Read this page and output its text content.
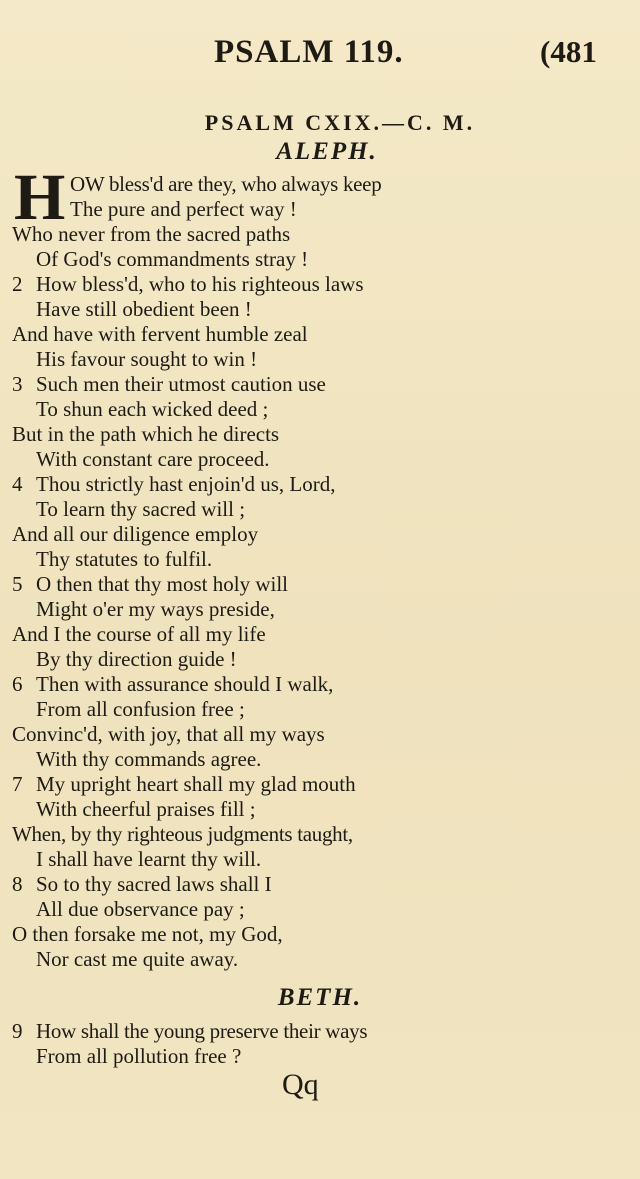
PSALM 119.	(481
PSALM CXIX.—C. M.
ALEPH.
H OW bless'd are they, who always keep
The pure and perfect way !
Who never from the sacred paths
Of God's commandments stray !
2 How bless'd, who to his righteous laws
Have still obedient been !
And have with fervent humble zeal
His favour sought to win !
3 Such men their utmost caution use
To shun each wicked deed ;
But in the path which he directs
With constant care proceed.
4 Thou strictly hast enjoin'd us, Lord,
To learn thy sacred will ;
And all our diligence employ
Thy statutes to fulfil.
5 O then that thy most holy will
Might o'er my ways preside,
And I the course of all my life
By thy direction guide !
6 Then with assurance should I walk,
From all confusion free ;
Convinc'd, with joy, that all my ways
With thy commands agree.
7 My upright heart shall my glad mouth
With cheerful praises fill ;
When, by thy righteous judgments taught,
I shall have learnt thy will.
8 So to thy sacred laws shall I
All due observance pay ;
O then forsake me not, my God,
Nor cast me quite away.
BETH.
9 How shall the young preserve their ways
From all pollution free ?
Qq
